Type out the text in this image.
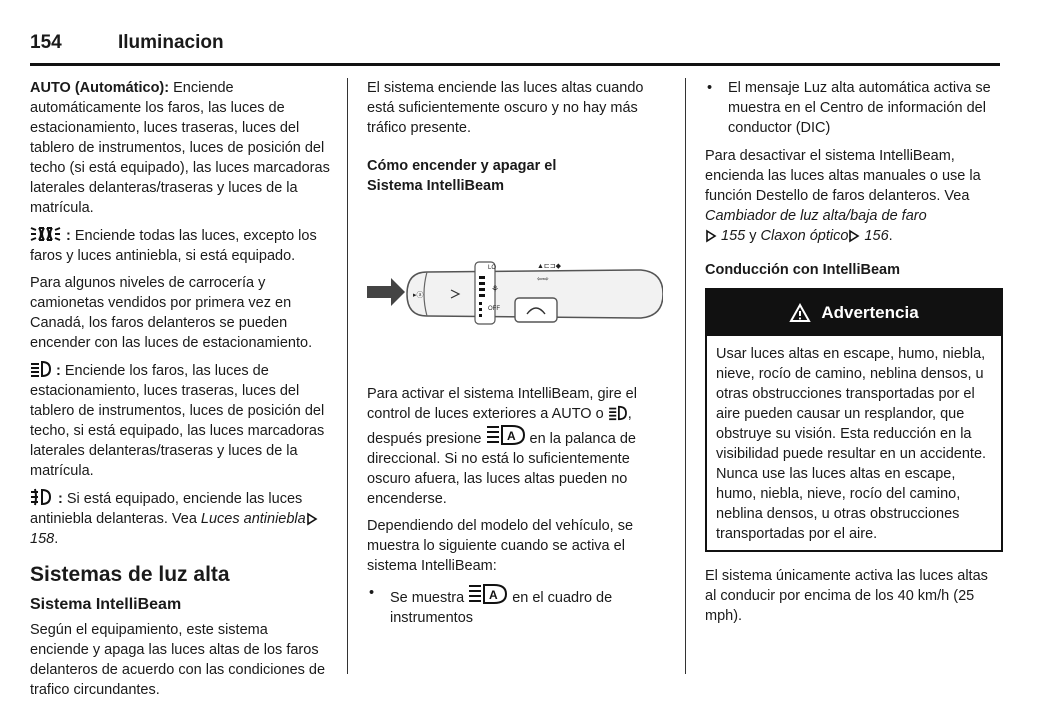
154	Iluminacion

AUTO (Automático): Enciende automáticamente los faros, las luces de estacionamiento, luces traseras, luces del tablero de instrumentos, luces de posición del techo (si está equipado), las luces marcadoras laterales delanteras/traseras y luces de la matrícula.

: Enciende todas las luces, excepto los faros y luces antiniebla, si está equipado.

Para algunos niveles de carrocería y camionetas vendidos por primera vez en Canadá, los faros delanteros se pueden encender con las luces de estacionamiento.

: Enciende los faros, las luces de estacionamiento, luces traseras, luces del tablero de instrumentos, luces de posición del techo, si está equipado, las luces marcadoras laterales delanteras/traseras y luces de la matrícula.

: Si está equipado, enciende las luces antiniebla delanteras. Vea Luces antiniebla 158.

Sistemas de luz alta
Sistema IntelliBeam

Según el equipamiento, este sistema enciende y apaga las luces altas de los faros delanteros de acuerdo con las condiciones de trafico circundantes.

El sistema enciende las luces altas cuando está suficientemente oscuro y no hay más tráfico presente.

Cómo encender y apagar el
Sistema IntelliBeam
▸ⓐ
LO
OFF
⚘
▲⊏⊐◆
⇦⇨

Para activar el sistema IntelliBeam, gire el control de luces exteriores a AUTO o , después presione A en la palanca de direccional. Si no está lo suficientemente oscuro afuera, las luces altas pueden no encenderse.

Dependiendo del modelo del vehículo, se muestra lo siguiente cuando se activa el sistema IntelliBeam:

• Se muestra A en el cuadro de instrumentos
• El mensaje Luz alta automática activa se muestra en el Centro de información del conductor (DIC)

Para desactivar el sistema IntelliBeam, encienda las luces altas manuales o use la función Destello de faros delanteros. Vea Cambiador de luz alta/baja de faro
155 y Claxon óptico 156.

Conducción con IntelliBeam
Advertencia
Usar luces altas en escape, humo, niebla, nieve, rocío de camino, neblina densos, u otras obstrucciones transportadas por el aire pueden causar un resplandor, que obstruye su visión. Esta reducción en la visibilidad puede resultar en un accidente. Nunca use las luces altas en escape, humo, niebla, nieve, rocío del camino, neblina densos, u otras obstrucciones transportadas por el aire.

El sistema únicamente activa las luces altas al conducir por encima de los 40 km/h (25 mph).
